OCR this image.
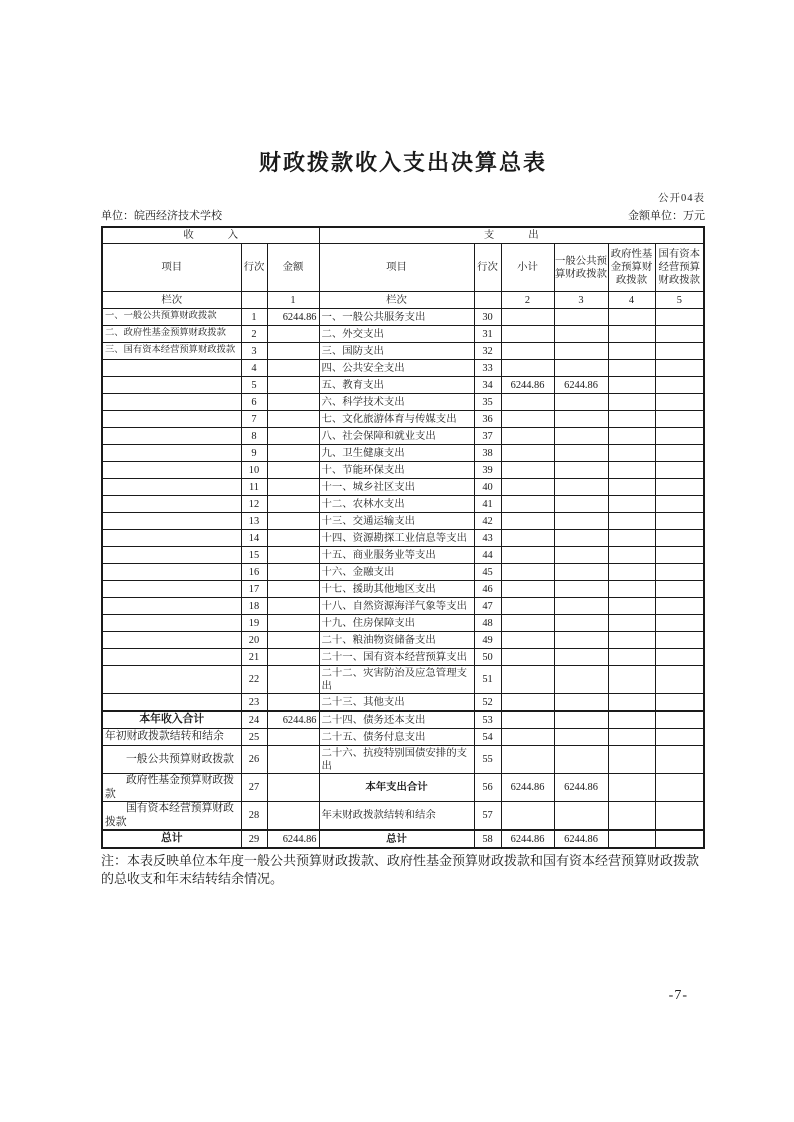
财政拨款收入支出决算总表
公开04表
单位：皖西经济技术学校	金额单位：万元
收入			支出					
项目	行次	金额	项目	行次	小计	一般公共预算财政拨款	政府性基金预算财政拨款	国有资本经营预算财政拨款
栏次		1	栏次		2	3	4	5
一、一般公共预算财政拨款	1	6244.86	一、一般公共服务支出	30				
二、政府性基金预算财政拨款	2		二、外交支出	31				
三、国有资本经营预算财政拨款	3		三、国防支出	32				
	4		四、公共安全支出	33				
	5		五、教育支出	34	6244.86	6244.86		
	6		六、科学技术支出	35				
	7		七、文化旅游体育与传媒支出	36				
	8		八、社会保障和就业支出	37				
	9		九、卫生健康支出	38				
	10		十、节能环保支出	39				
	11		十一、城乡社区支出	40				
	12		十二、农林水支出	41				
	13		十三、交通运输支出	42				
	14		十四、资源勘探工业信息等支出	43				
	15		十五、商业服务业等支出	44				
	16		十六、金融支出	45				
	17		十七、援助其他地区支出	46				
	18		十八、自然资源海洋气象等支出	47				
	19		十九、住房保障支出	48				
	20		二十、粮油物资储备支出	49				
	21		二十一、国有资本经营预算支出	50				
	22		二十二、灾害防治及应急管理支出	51				
	23		二十三、其他支出	52				
本年收入合计	24	6244.86	二十四、债务还本支出	53				
年初财政拨款结转和结余	25		二十五、债务付息支出	54				
一般公共预算财政拨款	26		二十六、抗疫特别国债安排的支出	55				
政府性基金预算财政拨款	27		本年支出合计	56	6244.86	6244.86		
国有资本经营预算财政拨款	28		年末财政拨款结转和结余	57				
总计	29	6244.86	总计	58	6244.86	6244.86		

注：本表反映单位本年度一般公共预算财政拨款、政府性基金预算财政拨款和国有资本经营预算财政拨款的总收支和年末结转结余情况。

-7-
